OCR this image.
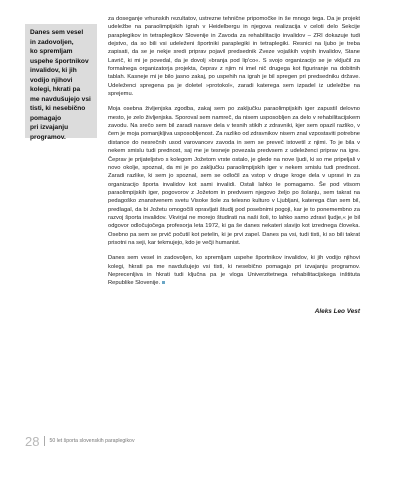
Danes sem vesel

in zadovoljen,

ko spremljam

uspehe športnikov

invalidov, ki jih

vodijo njihovi

kolegi, hkrati pa

me navdušujejo vsi

tisti, ki nesebično

pomagajo

pri izvajanju

programov.

za doseganje vrhunskih rezultatov, ustrezne tehnične pripomočke in še mnogo tega. Da je projekt udeležbe na paraolimpijskih igrah v Heidelbergu in njegova realizacija v celoti delo Sekcije paraplegikov in tetraplegikov Slovenije in Zavoda za rehabilitacijo invalidov – ZRI dokazuje tudi dejstvo, da so bili vsi udeleženi športniki paraplegiki in tetraplegiki. Resnici na ljubo je treba zapisati, da se je nekje sredi priprav pojavil predsednik Zveze vojaških vojnih invalidov, Stane Lavrič, ki mi je povedal, da je dovolj »branja pod lip'co«. S svojo organizacijo se je vključil za formalnega organizatorja projekta, čeprav z njim ni imel nič drugega kot figuriranje na dobitnih tablah. Kasneje mi je bilo jasno zakaj, po uspehih na igrah je bil spregen pri predsedniku države. Udeleženci spregena pa je doletel »protokol«, zaradi katerega sem izpadel iz udeležbe na sprejemu.

Moja osebna življenjska zgodba, zakaj sem po zaključku paraolimpijskih iger zapustil delovno mesto, je zelo življenjska. Sporoval sem namreč, da nisem usposobljen za delo v rehabilitacijskem zavodu. Na srečo sem bil zaradi narave dela v tesnih stikih z zdravniki, kjer sem opazil razliko, v čem je moja pomanjkljiva usposobljenost. Za razliko od zdravnikov nisem znal vzpostaviti potrebne distance do nesrečnih usod varovancev zavoda in sem se preveč istovetil z njimi. To je bila v nekem smislu tudi prednost, saj me je tesneje povezala predvsem z udeleženci priprav na igre. Čeprav je prijateljstvo s kolegom Jožetom vrste ostalo, je glede na nove ljudi, ki so me pripeljali v novo okolje, spoznal, da mi je po zaključku paraolimpijskih iger v nekem smislu tudi prednost. Zaradi razlike, ki sem jo spoznal, sem se odločil za vstop v druge kroge dela v upravi in za organizacijo športa invalidov kot sami invalidi. Ostali lahko le pomagamo. Še pod vtisom paraolimpijskih iger, pogovorov z Jožetom in predvsem njegovo željo po šolanju, sem takrat na pedagoško znanstvenem svetu Visoke šole za telesno kulturo v Ljubljani, katerega član sem bil, predlagal, da bi Jožetu omogočili opravljati študij pod posebnimi pogoji, kar je to ponemembno za razvoj športa invalidov. Vkvirjal ne morejo študirati na naši šoli, to lahko samo zdravi ljudje,« je bil odgovor odločujočega profesorja leta 1972, ki ga še danes nekateri slavijo kot izrednega človeka. Osebno pa sem se prvič počutil kot petelin, ki je prvi zapel. Danes pa vsi, tudi tisti, ki so bili takrat prisotni na seji, kar tekmujejo, kdo je večji humanist.

Danes sem vesel in zadovoljen, ko spremljam uspehe športnikov invalidov, ki jih vodijo njihovi kolegi, hkrati pa me navdušujejo vsi tisti, ki nesebično pomagajo pri izvajanju programov. Neprecenljiva in hkrati tudi ključna pa je vloga Univerzitetnega rehabilitacijskega inštituta Republike Slovenije.

Aleks Leo Vest
28 50 let športa slovenskih paraplegikov
